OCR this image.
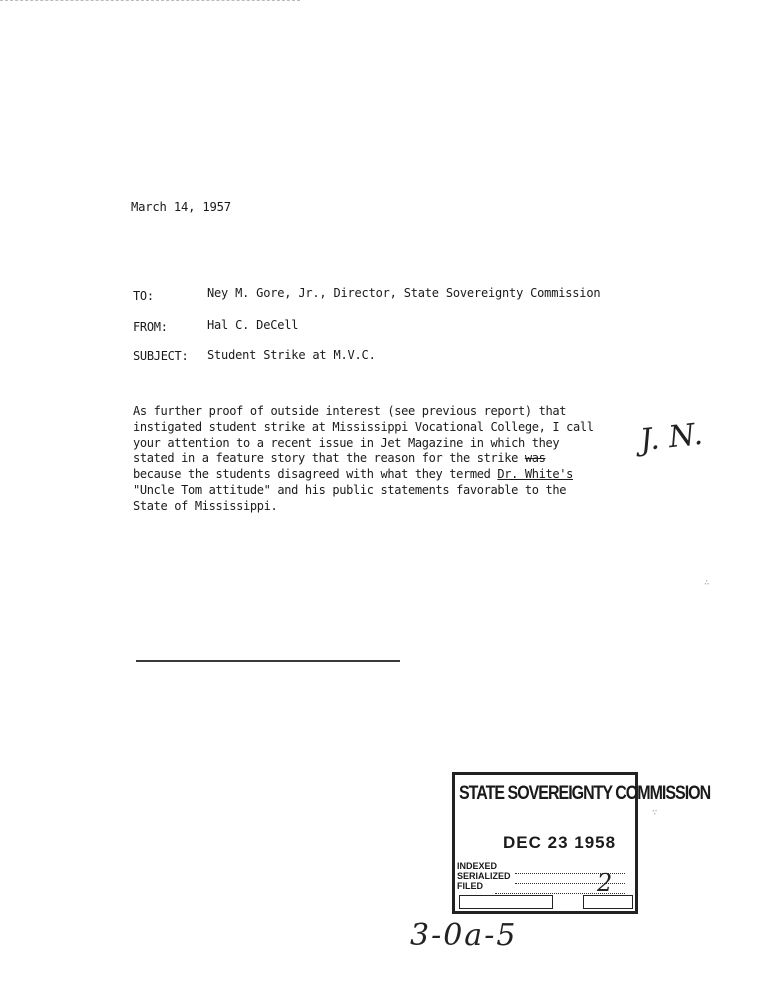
March 14, 1957
TO:	Ney M. Gore, Jr., Director, State Sovereignty Commission
FROM:	Hal C. DeCell
SUBJECT: Student Strike at M.V.C.
As further proof of outside interest (see previous report) that
instigated student strike at Mississippi Vocational College, I call
your attention to a recent issue in Jet Magazine in which they
stated in a feature story that the reason for the strike was
because the students disagreed with what they termed Dr. White's
"Uncle Tom attitude" and his public statements favorable to the
State of Mississippi.
J. N.
STATE SOVEREIGNTY COMMISSION
DEC 23 1958
INDEXED
SERIALIZED
FILED	2
3-0a-5
∴
∵
